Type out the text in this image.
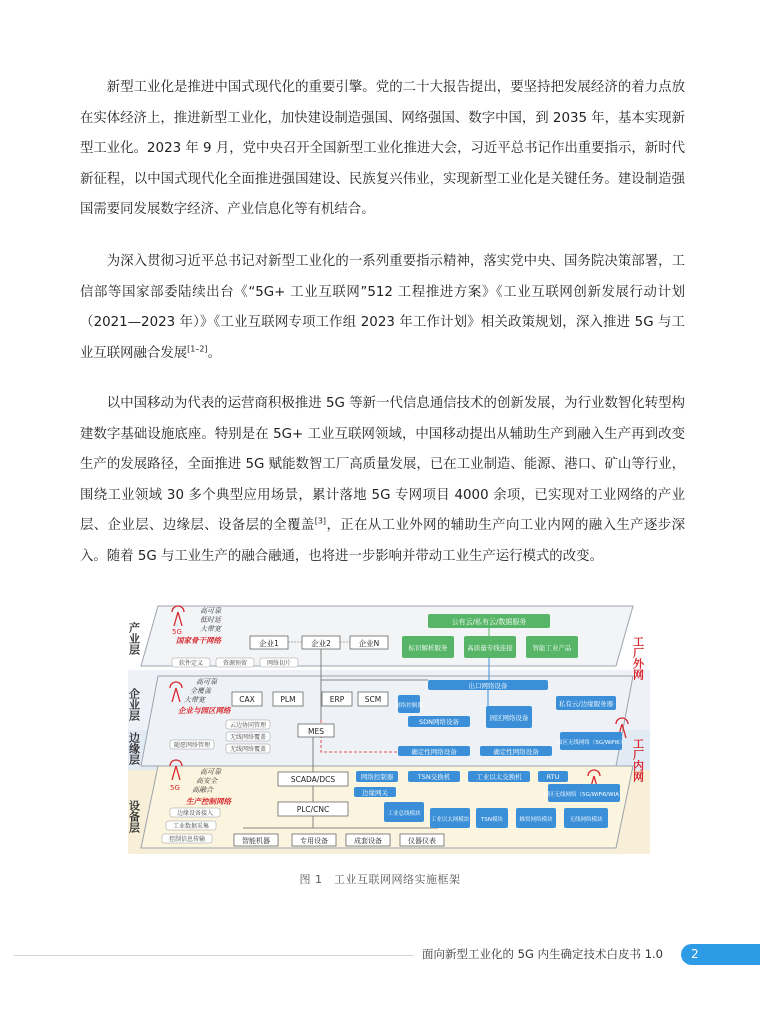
新型工业化是推进中国式现代化的重要引擎。党的二十大报告提出，要坚持把发展经济的着力点放在实体经济上，推进新型工业化，加快建设制造强国、网络强国、数字中国，到 2035 年，基本实现新型工业化。2023 年 9 月，党中央召开全国新型工业化推进大会，习近平总书记作出重要指示，新时代新征程，以中国式现代化全面推进强国建设、民族复兴伟业，实现新型工业化是关键任务。建设制造强国需要同发展数字经济、产业信息化等有机结合。

为深入贯彻习近平总书记对新型工业化的一系列重要指示精神，落实党中央、国务院决策部署，工信部等国家部委陆续出台《“5G+ 工业互联网”512 工程推进方案》《工业互联网创新发展行动计划（2021—2023 年）》《工业互联网专项工作组 2023 年工作计划》相关政策规划，深入推进 5G 与工业互联网融合发展[1–2]。

以中国移动为代表的运营商积极推进 5G 等新一代信息通信技术的创新发展，为行业数智化转型构建数字基础设施底座。特别是在 5G+ 工业互联网领域，中国移动提出从辅助生产到融入生产再到改变生产的发展路径，全面推进 5G 赋能数智工厂高质量发展，已在工业制造、能源、港口、矿山等行业，围绕工业领域 30 多个典型应用场景，累计落地 5G 专网项目 4000 余项，已实现对工业网络的产业层、企业层、边缘层、设备层的全覆盖[3]，正在从工业外网的辅助生产向工业内网的融入生产逐步深入。随着 5G 与工业生产的融合融通，也将进一步影响并带动工业生产运行模式的改变。

产业层
企业层
边缘层
设备层
工厂外网
工厂内网
5G
5G
高可靠
低时延
大带宽
国家骨干网络	企业1	企业2	企业N
软件定义	资源预留	网络切片
公有云/私有云/数据服务
标识解析服务	高质量专线连接	智能工业产品
高可靠
全覆盖
大带宽
企业与园区网络
CAX	PLM	ERP	SCM
云边协同管理
无线网络覆盖
MES
出口网络设备
网络控制器
SDN网络设备	园区网络设备
私有云/边缘服务器
随愿网络管理
无线网络覆盖	确定性网络设备	确定性网络设备
园区无线网络（5G/WiFi6）
高可靠
高安全
高融合
生产控制网络
边缘设备接入
工业数据采集
控制信息传输
SCADA/DCS
PLC/CNC
网络控制器	TSN交换机	工业以太交换机	RTU
边缘网关
工业总线模块
工业以太网模块 TSN模块	蜂窝网络模块	无线网络模块
园区无线网络（5G/WiFi6/WIA）
智能机器	专用设备	成套设备	仪器仪表
图 1　工业互联网网络实施框架
面向新型工业化的 5G 内生确定技术白皮书 1.0	2
